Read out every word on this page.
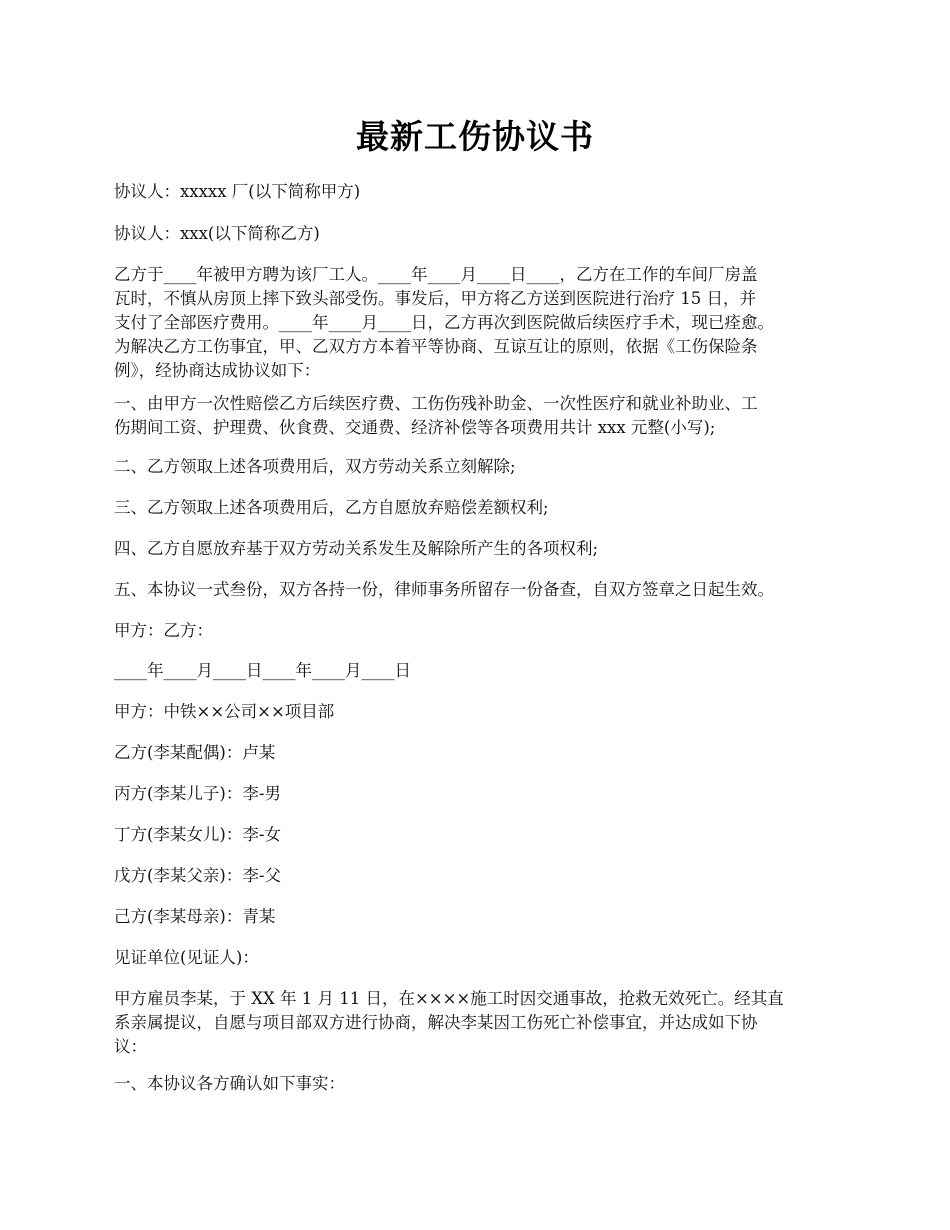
最新工伤协议书

协议人：xxxxx 厂(以下简称甲方)

协议人：xxx(以下简称乙方)

乙方于____年被甲方聘为该厂工人。____年____月____日____，乙方在工作的车间厂房盖
瓦时，不慎从房顶上摔下致头部受伤。事发后，甲方将乙方送到医院进行治疗 15 日，并
支付了全部医疗费用。____年____月____日，乙方再次到医院做后续医疗手术，现已痊愈。
为解决乙方工伤事宜，甲、乙双方方本着平等协商、互谅互让的原则，依据《工伤保险条
例》，经协商达成协议如下：
一、由甲方一次性赔偿乙方后续医疗费、工伤伤残补助金、一次性医疗和就业补助业、工
伤期间工资、护理费、伙食费、交通费、经济补偿等各项费用共计 xxx 元整(小写);

二、乙方领取上述各项费用后，双方劳动关系立刻解除;

三、乙方领取上述各项费用后，乙方自愿放弃赔偿差额权利;

四、乙方自愿放弃基于双方劳动关系发生及解除所产生的各项权利;

五、本协议一式叁份，双方各持一份，律师事务所留存一份备查，自双方签章之日起生效。

甲方：乙方：

____年____月____日____年____月____日

甲方：中铁××公司××项目部

乙方(李某配偶)：卢某

丙方(李某儿子)：李-男

丁方(李某女儿)：李-女

戊方(李某父亲)：李-父

己方(李某母亲)：青某

见证单位(见证人)：

甲方雇员李某，于 XX 年 1 月 11 日，在××××施工时因交通事故，抢救无效死亡。经其直
系亲属提议，自愿与项目部双方进行协商，解决李某因工伤死亡补偿事宜，并达成如下协
议：

一、本协议各方确认如下事实：
